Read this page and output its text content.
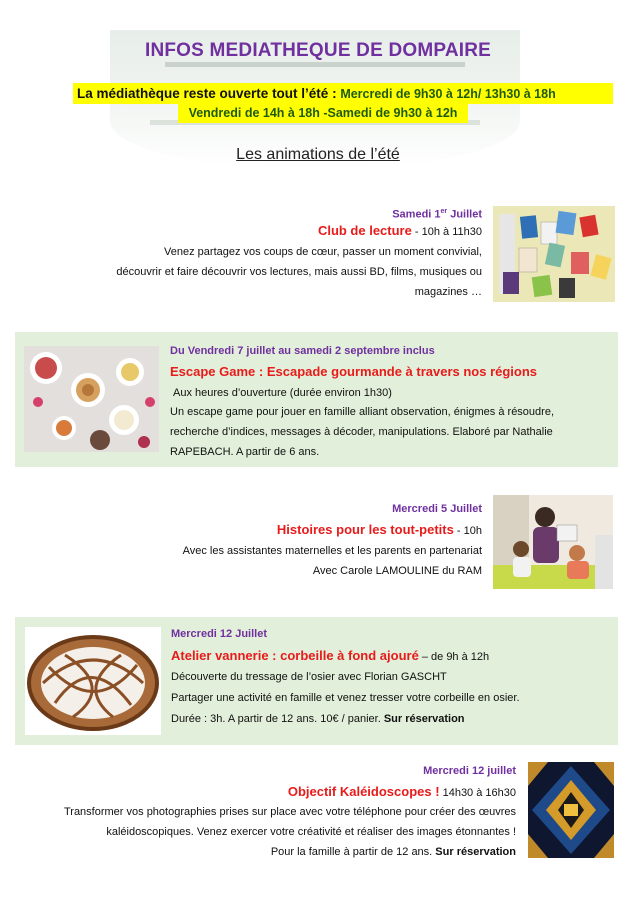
INFOS MEDIATHEQUE DE DOMPAIRE
La médiathèque reste ouverte tout l’été : Mercredi de 9h30 à 12h/ 13h30 à 18h
Vendredi de 14h à 18h -Samedi de 9h30 à 12h
Les animations de l’été
Samedi 1er Juillet
Club de lecture - 10h à 11h30
Venez partagez vos coups de cœur, passer un moment convivial,
découvrir et faire découvrir vos lectures, mais aussi BD, films, musiques ou
magazines …
Du Vendredi 7 juillet au samedi 2 septembre inclus
Escape Game : Escapade gourmande à travers nos régions
Aux heures d’ouverture (durée environ 1h30)
Un escape game pour jouer en famille alliant observation, énigmes à résoudre,
recherche d’indices, messages à décoder, manipulations. Elaboré par Nathalie
RAPEBACH. A partir de 6 ans.
Mercredi 5 Juillet
Histoires pour les tout-petits - 10h
Avec les assistantes maternelles et les parents en partenariat
Avec Carole LAMOULINE du RAM
Mercredi 12 Juillet
Atelier vannerie : corbeille à fond ajouré – de 9h à 12h
Découverte du tressage de l’osier avec Florian GASCHT
Partager une activité en famille et venez tresser votre corbeille en osier.
Durée : 3h. A partir de 12 ans. 10€ / panier. Sur réservation
Mercredi 12 juillet
Objectif Kaléidoscopes ! 14h30 à 16h30
Transformer vos photographies prises sur place avec votre téléphone pour créer des œuvres
kaléidoscopiques. Venez exercer votre créativité et réaliser des images étonnantes !
Pour la famille à partir de 12 ans. Sur réservation
